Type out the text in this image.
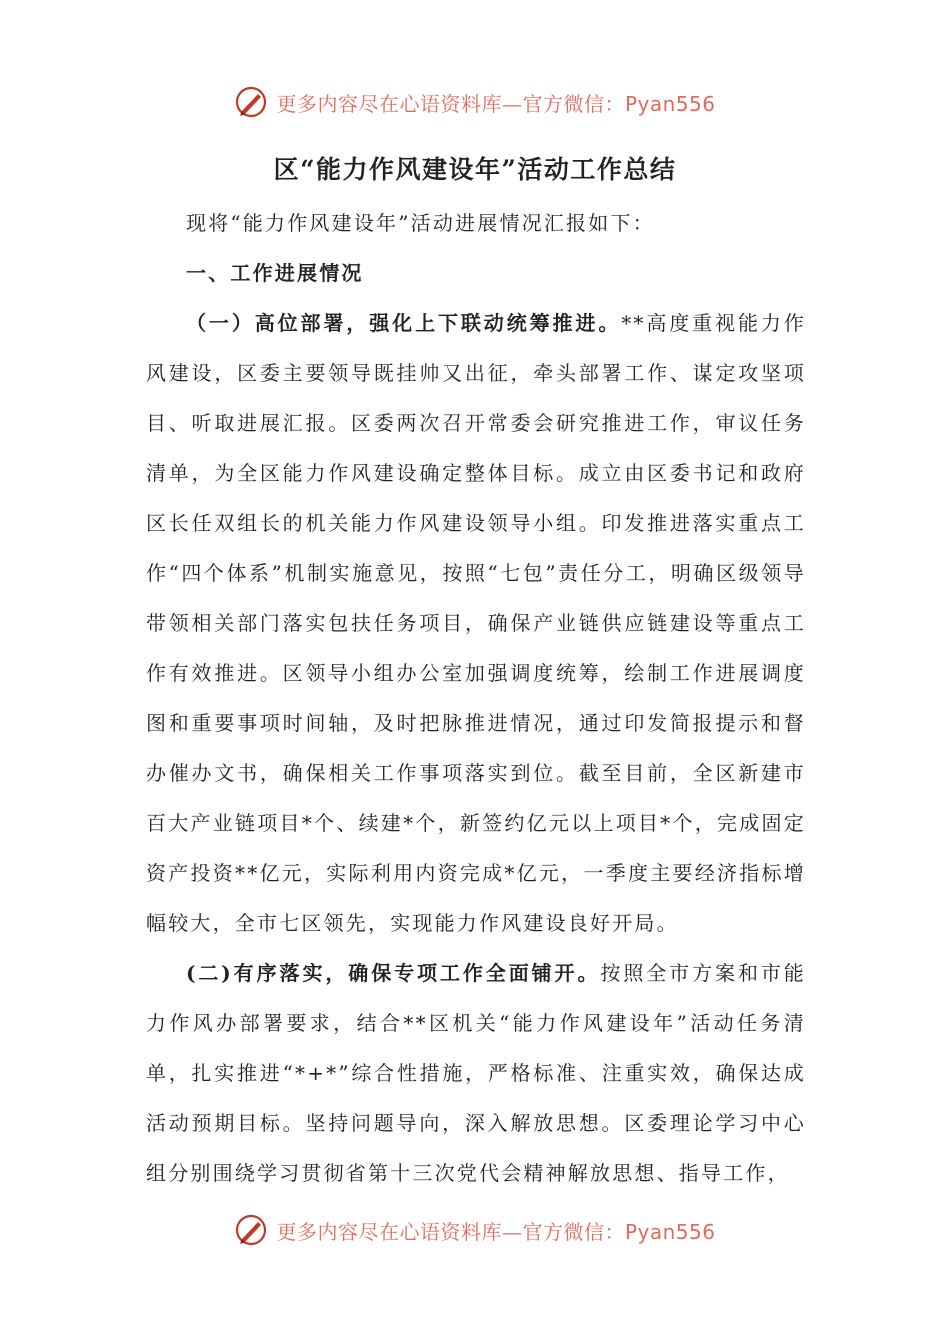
更多内容尽在心语资料库—官方微信：Pyan556
区“能力作风建设年”活动工作总结

现将“能力作风建设年”活动进展情况汇报如下：

一、工作进展情况

（一）高位部署，强化上下联动统筹推进。**高度重视能力作风建设，区委主要领导既挂帅又出征，牵头部署工作、谋定攻坚项目、听取进展汇报。区委两次召开常委会研究推进工作，审议任务清单，为全区能力作风建设确定整体目标。成立由区委书记和政府区长任双组长的机关能力作风建设领导小组。印发推进落实重点工作“四个体系”机制实施意见，按照“七包”责任分工，明确区级领导带领相关部门落实包扶任务项目，确保产业链供应链建设等重点工作有效推进。区领导小组办公室加强调度统筹，绘制工作进展调度图和重要事项时间轴，及时把脉推进情况，通过印发简报提示和督办催办文书，确保相关工作事项落实到位。截至目前，全区新建市百大产业链项目*个、续建*个，新签约亿元以上项目*个，完成固定资产投资**亿元，实际利用内资完成*亿元，一季度主要经济指标增幅较大，全市七区领先，实现能力作风建设良好开局。

(二)有序落实，确保专项工作全面铺开。按照全市方案和市能力作风办部署要求，结合**区机关“能力作风建设年”活动任务清单，扎实推进“*+*”综合性措施，严格标准、注重实效，确保达成活动预期目标。坚持问题导向，深入解放思想。区委理论学习中心组分别围绕学习贯彻省第十三次党代会精神解放思想、指导工作，

更多内容尽在心语资料库—官方微信：Pyan556
